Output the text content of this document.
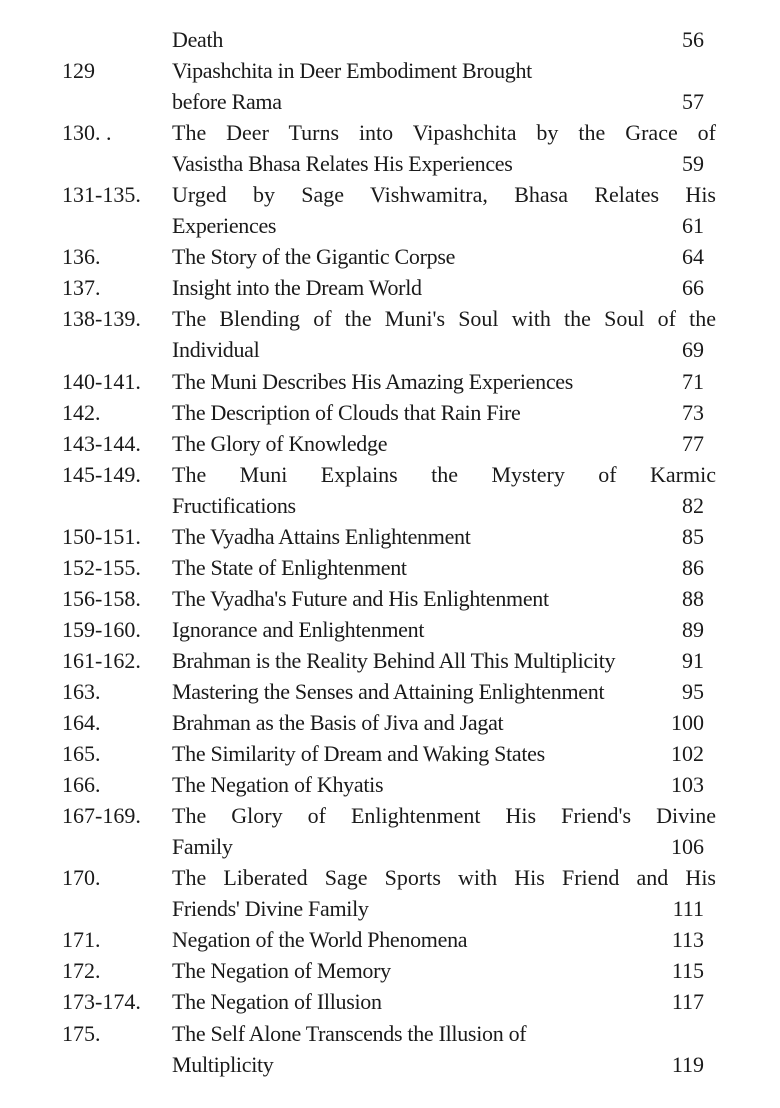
Death	56
129	Vipashchita in Deer Embodiment Brought
before Rama	57
130. .	The Deer Turns into Vipashchita by the Grace of
Vasistha Bhasa Relates His Experiences	59
131-135. Urged by Sage Vishwamitra, Bhasa Relates His
Experiences	61
136.	The Story of the Gigantic Corpse	64
137.	Insight into the Dream World	66
138-139. The Blending of the Muni's Soul with the Soul of the
Individual	69
140-141. The Muni Describes His Amazing Experiences	71
142.	The Description of Clouds that Rain Fire	73
143-144. The Glory of Knowledge	77
145-149. The Muni Explains the Mystery of Karmic
Fructifications	82
150-151. The Vyadha Attains Enlightenment	85
152-155. The State of Enlightenment	86
156-158. The Vyadha's Future and His Enlightenment	88
159-160. Ignorance and Enlightenment	89
161-162. Brahman is the Reality Behind All This Multiplicity	91
163.	Mastering the Senses and Attaining Enlightenment	95
164.	Brahman as the Basis of Jiva and Jagat	100
165.	The Similarity of Dream and Waking States	102
166.	The Negation of Khyatis	103
167-169. The Glory of Enlightenment His Friend's Divine
Family	106
170.	The Liberated Sage Sports with His Friend and His
Friends' Divine Family	111
171.	Negation of the World Phenomena	113
172.	The Negation of Memory	115
173-174. The Negation of Illusion	117
175.	The Self Alone Transcends the Illusion of
Multiplicity	119
